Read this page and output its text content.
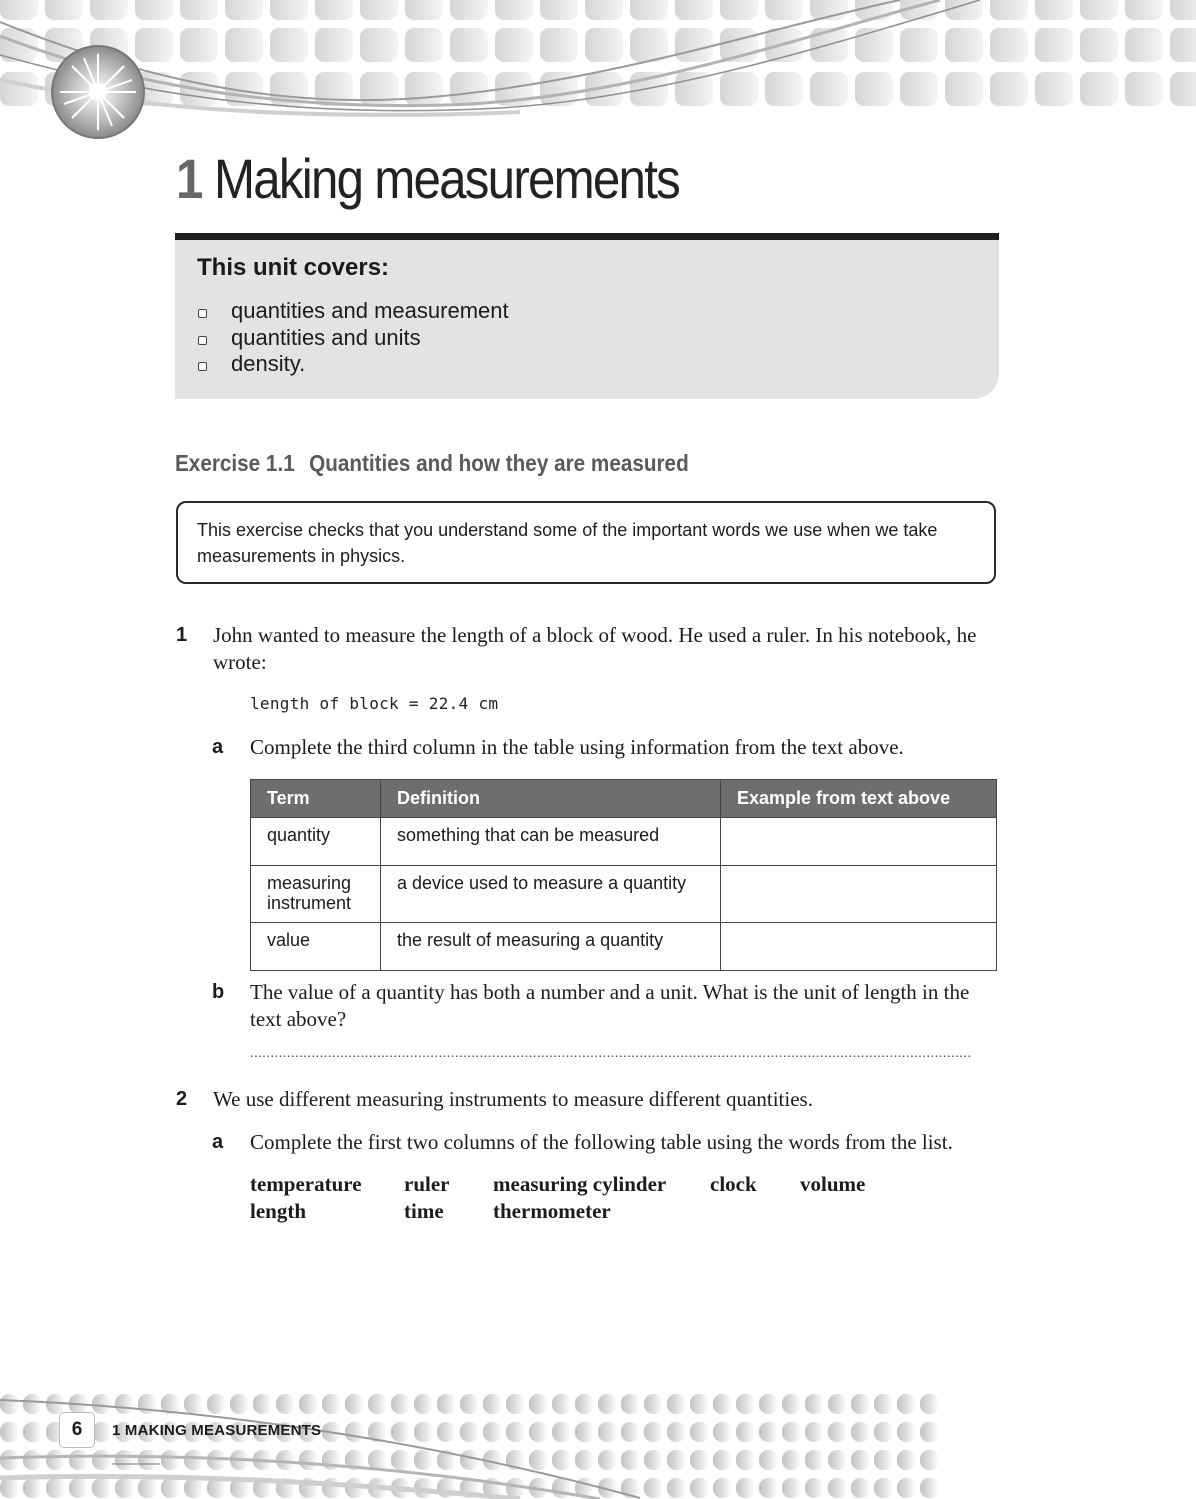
1 Making measurements
This unit covers:
quantities and measurement
quantities and units
density.
Exercise 1.1 Quantities and how they are measured
This exercise checks that you understand some of the important words we use when we take
measurements in physics.
1 John wanted to measure the length of a block of wood. He used a ruler. In his notebook, he
wrote:
length of block = 22.4 cm
a Complete the third column in the table using information from the text above.
Term	Definition	Example from text above
quantity	something that can be measured	

measuring
instrument	a device used to measure a quantity	
value	the result of measuring a quantity	
b The value of a quantity has both a number and a unit. What is the unit of length in the
text above?
................................................................................................................................................................................
2 We use different measuring instruments to measure different quantities.
a Complete the first two columns of the following table using the words from the list.
temperature ruler measuring cylinder clock volume
length	time thermometer
6	1 MAKING MEASUREMENTS
